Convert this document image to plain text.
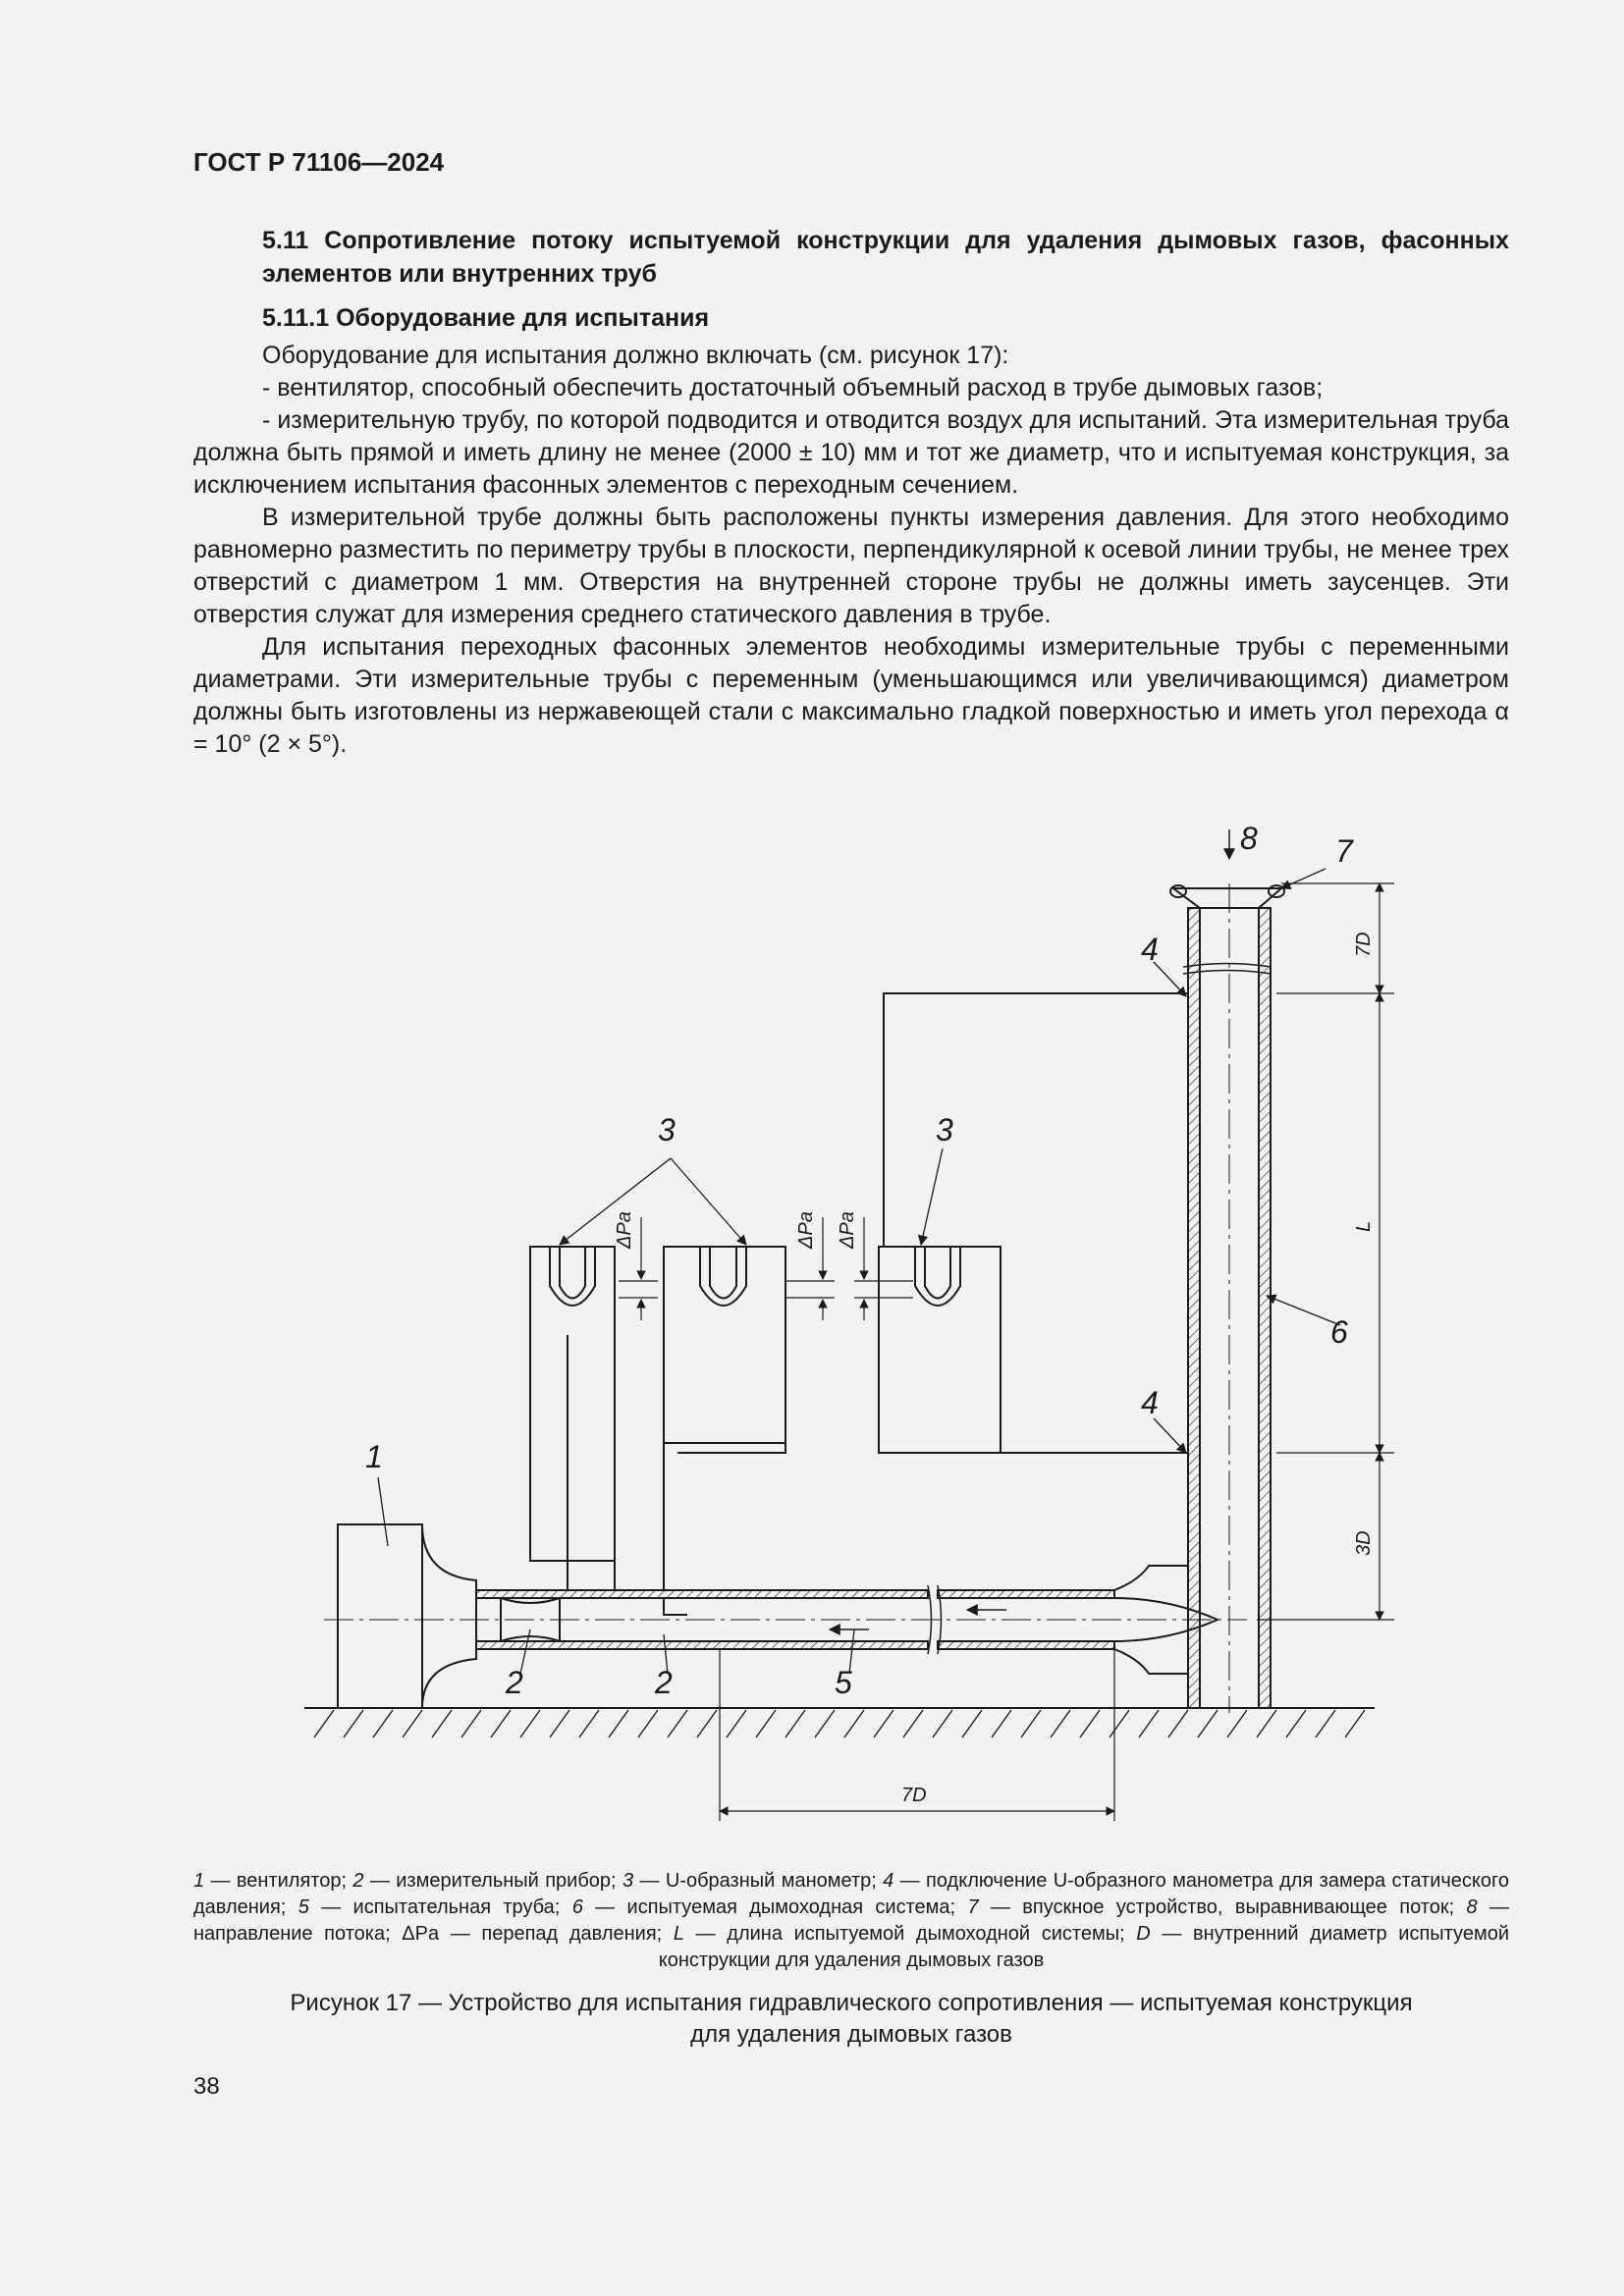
ГОСТ Р 71106—2024
5.11 Сопротивление потоку испытуемой конструкции для удаления дымовых газов, фасонных элементов или внутренних труб
5.11.1 Оборудование для испытания

Оборудование для испытания должно включать (см. рисунок 17):

- вентилятор, способный обеспечить достаточный объемный расход в трубе дымовых газов;

- измерительную трубу, по которой подводится и отводится воздух для испытаний. Эта измерительная труба должна быть прямой и иметь длину не менее (2000 ± 10) мм и тот же диаметр, что и испытуемая конструкция, за исключением испытания фасонных элементов с переходным сечением.

В измерительной трубе должны быть расположены пункты измерения давления. Для этого необходимо равномерно разместить по периметру трубы в плоскости, перпендикулярной к осевой линии трубы, не менее трех отверстий с диаметром 1 мм. Отверстия на внутренней стороне трубы не должны иметь заусенцев. Эти отверстия служат для измерения среднего статического давления в трубе.

Для испытания переходных фасонных элементов необходимы измерительные трубы с переменными диаметрами. Эти измерительные трубы с переменным (уменьшающимся или увеличивающимся) диаметром должны быть изготовлены из нержавеющей стали с максимально гладкой поверхностью и иметь угол перехода α = 10° (2 × 5°).

8 7
4
4
3	3
6
1
2	2	5
7D
L
3D
7D
ΔPa	ΔPa ΔPa
1 — вентилятор; 2 — измерительный прибор; 3 — U-образный манометр; 4 — подключение U-образного манометра для замера статического давления; 5 — испытательная труба; 6 — испытуемая дымоходная система; 7 — впускное устройство, выравнивающее поток; 8 — направление потока; ΔPa — перепад давления; L — длина испытуемой дымоходной системы; D — внутренний диаметр испытуемой конструкции для удаления дымовых газов
Рисунок 17 — Устройство для испытания гидравлического сопротивления — испытуемая конструкция
для удаления дымовых газов
38
